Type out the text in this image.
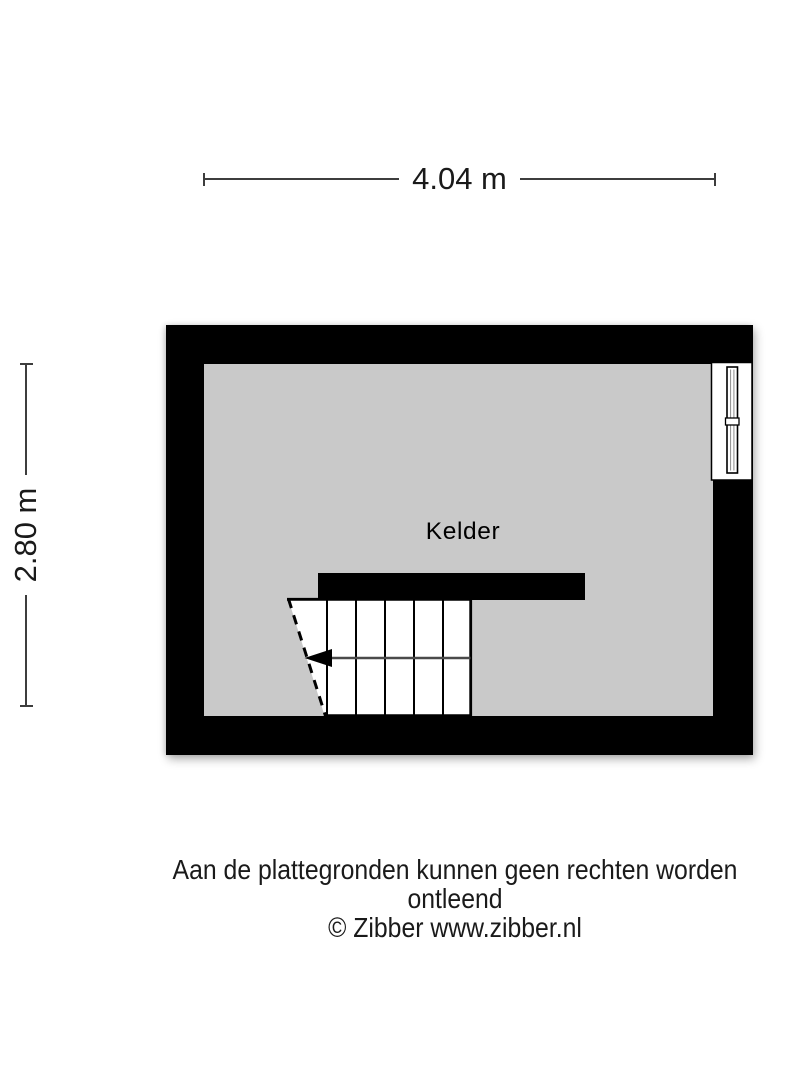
4.04 m
2.80 m	Kelder
Aan de plattegronden kunnen geen rechten worden ontleend
© Zibber www.zibber.nl
